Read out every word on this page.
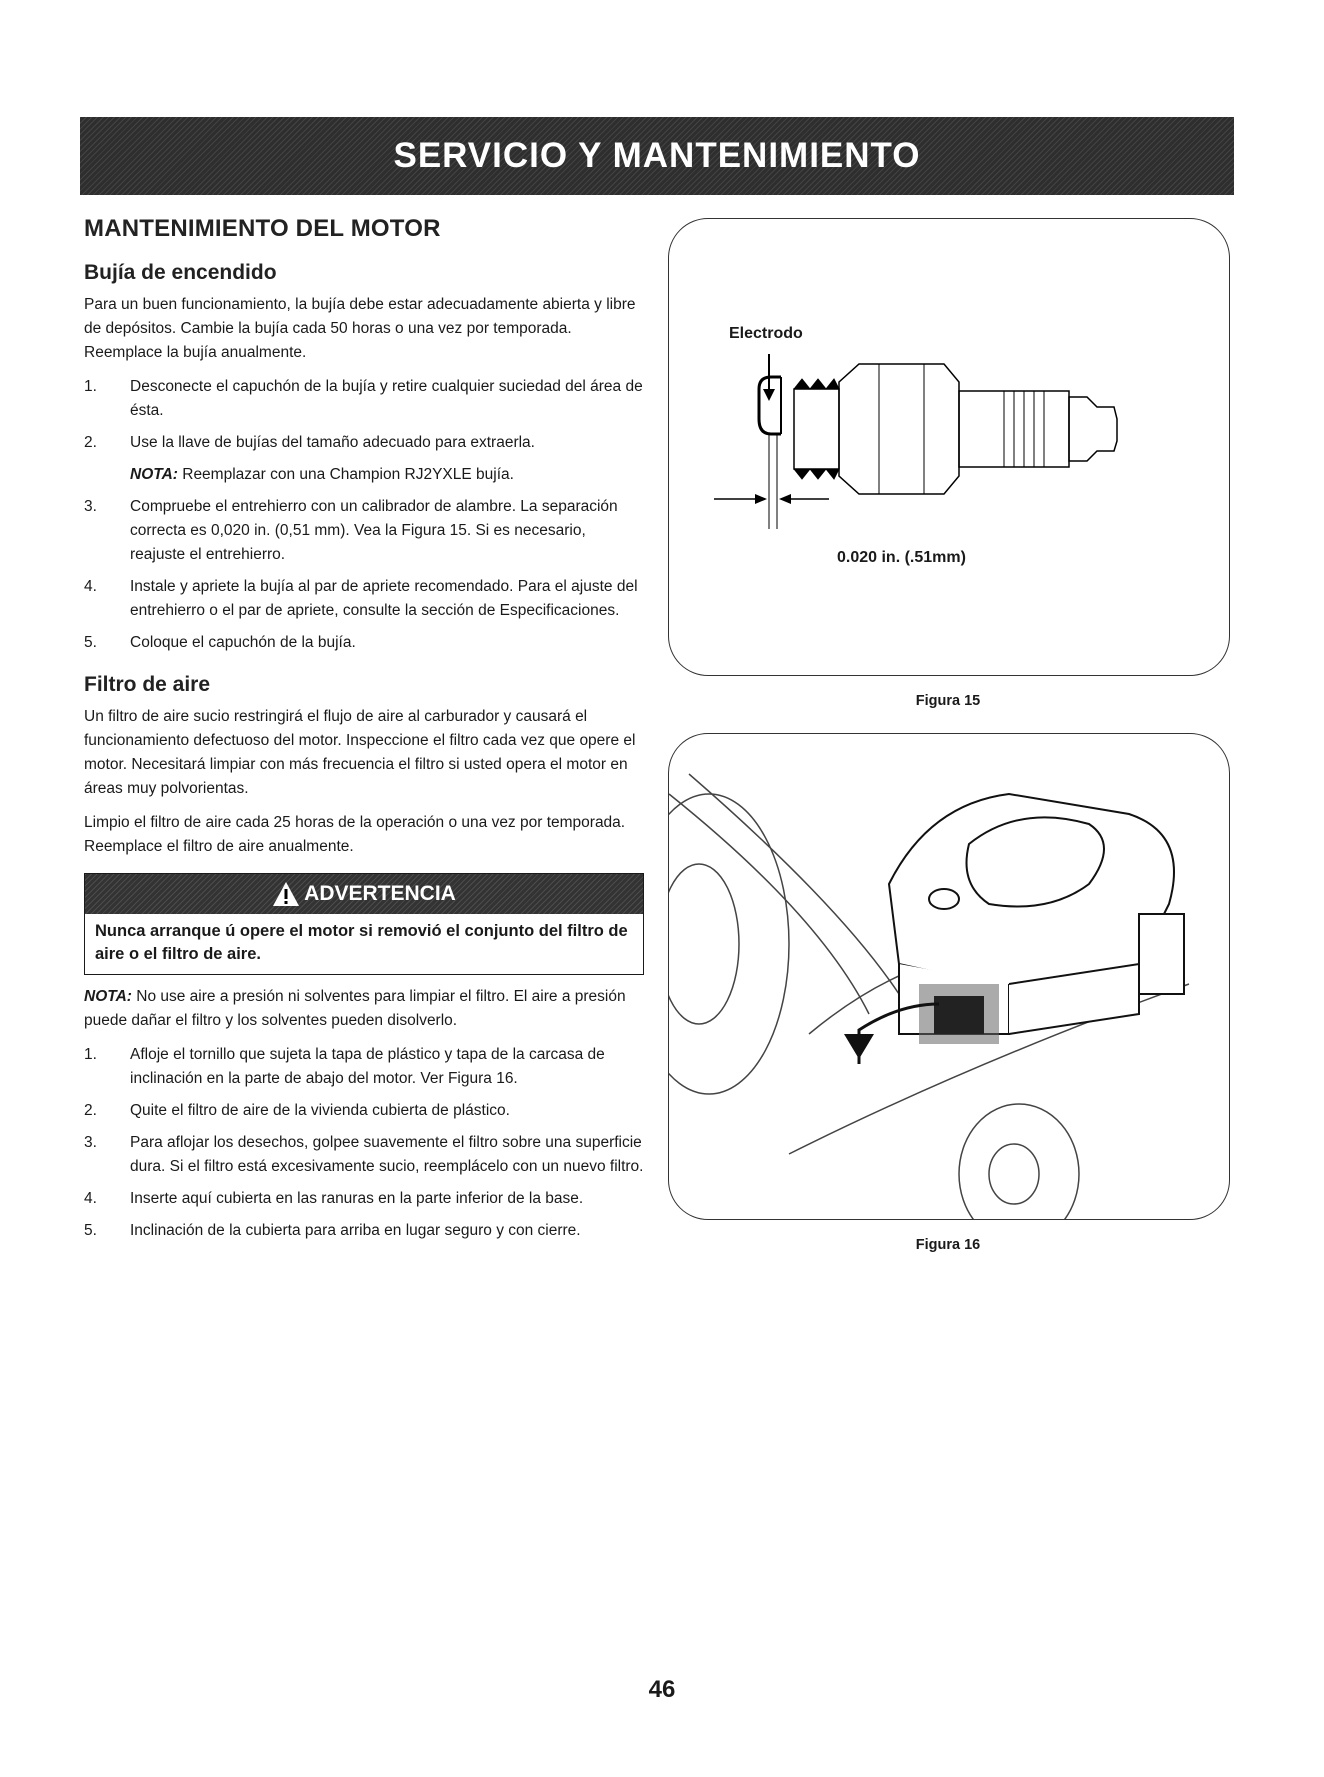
SERVICIO Y MANTENIMIENTO
MANTENIMIENTO DEL MOTOR
Bujía de encendido

Para un buen funcionamiento, la bujía debe estar adecuadamente abierta y libre de depósitos. Cambie la bujía cada 50 horas o una vez por temporada. Reemplace la bujía anualmente.

1. Desconecte el capuchón de la bujía y retire cualquier suciedad del área de ésta.
2. Use la llave de bujías del tamaño adecuado para extraerla.
NOTA: Reemplazar con una Champion RJ2YXLE bujía.
3. Compruebe el entrehierro con un calibrador de alambre. La separación correcta es 0,020 in. (0,51 mm). Vea la Figura 15. Si es necesario, reajuste el entrehierro.
4. Instale y apriete la bujía al par de apriete recomendado. Para el ajuste del entrehierro o el par de apriete, consulte la sección de Especificaciones.
5. Coloque el capuchón de la bujía.
Filtro de aire

Un filtro de aire sucio restringirá el flujo de aire al carburador y causará el funcionamiento defectuoso del motor. Inspeccione el filtro cada vez que opere el motor. Necesitará limpiar con más frecuencia el filtro si usted opera el motor en áreas muy polvorientas.

Limpio el filtro de aire cada 25 horas de la operación o una vez por temporada. Reemplace el filtro de aire anualmente.

ADVERTENCIA
Nunca arranque ú opere el motor si removió el conjunto del filtro de aire o el filtro de aire.

NOTA: No use aire a presión ni solventes para limpiar el filtro. El aire a presión puede dañar el filtro y los solventes pueden disolverlo.

1. Afloje el tornillo que sujeta la tapa de plástico y tapa de la carcasa de inclinación en la parte de abajo del motor. Ver Figura 16.
2. Quite el filtro de aire de la vivienda cubierta de plástico.
3. Para aflojar los desechos, golpee suavemente el filtro sobre una superficie dura. Si el filtro está excesivamente sucio, reemplácelo con un nuevo filtro.
4. Inserte aquí cubierta en las ranuras en la parte inferior de la base.
5. Inclinación de la cubierta para arriba en lugar seguro y con cierre.
Electrodo
0.020 in. (.51mm)
Figura 15
Figura 16
46
